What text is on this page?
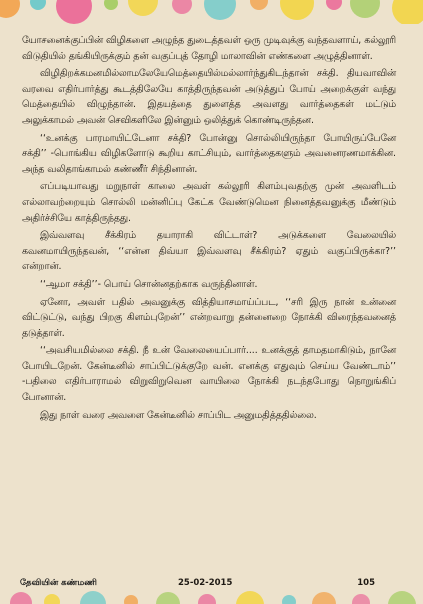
யோசனைக்குப்பின் விழிகளை அழுந்த துடைத்தவள் ஒரு முடிவுக்கு வந்தவளாய், கல்லூரி விடுதியில் தங்கியிருக்கும் தன் வகுப்புத் தோழி மாலாவின் எண்களை அழுத்தினாள்.

விழிதிறக்கமனமில்லாமலேயேமெத்தையில்மல்லார்ந்துகிடந்தான் சக்தி. தியவாவின் வரவை எதிர்பார்த்து கூடத்திலேயே காத்திருந்தவன் அடுத்துப் போய் அறைக்குள் வந்து மெத்தையில் விழுந்தான். இதயத்தை துளைத்த அவளது வார்த்தைகள் மட்டும் அலுக்காமல் அவன் செவிகளிலே இன்னும் ஒலித்துக் கொண்டிருந்தன.

‘‘உனக்கு பாரமாயிட்டேனா சக்தி? போன்னு சொல்லியிருந்தா போயிருப்பேனே சக்தி’’ -பொங்கிய விழிகளோடு கூறிய காட்சியும், வார்த்தைகளும் அவனைரணமாக்கின. அந்த வலிதாங்காமல் கண்ணீர் சிந்தினான்.

எப்படியாவது மறுநாள் காலை அவள் கல்லூரி கிளம்புவதற்கு முன் அவளிடம் எல்லாவற்றையும் சொல்லி மன்னிப்பு கேட்க வேண்டுமென நினைத்தவனுக்கு மீண்டும் அதிர்ச்சியே காத்திருந்தது.

இவ்வளவு சீக்கிரம் தயாராகி விட்டாள்? அடுக்களை வேலையில் கவனமாயிருந்தவன், ‘‘என்ன திவ்யா இவ்வளவு சீக்கிரம்? ஏதும் வகுப்பிருக்கா?’’ என்றான்.

‘‘ஆமா சக்தி’’- பொய் சொன்னதற்காக வருந்தினாள்.

ஏனோ, அவள் பதில் அவனுக்கு வித்தியாசமாய்ப்பட, ‘‘சரி இரு நான் உன்னை விட்டுட்டு, வந்து பிறகு கிளம்புறேன்’’ என்றவாறு தன்னைறை நோக்கி விரைந்தவனைத் தடுத்தாள்.

‘‘அவசியமில்லை சக்தி. நீ உன் வேலையைப்பார்.... உனக்குத் தாமதமாகிடும், நானே போயிடறேன். கேன்டீனில் சாப்பிட்டுக்குறே வன். எனக்கு எதுவும் செய்ய வேண்டாம்’’ -பதிலை எதிர்பாராமல் விறுவிறுவென வாயிலை நோக்கி நடந்தபோது நொறுங்கிப் போனான்.

இது நாள் வரை அவளை கேன்டீனில் சாப்பிட அனுமதித்ததில்லை.

தேவியின் கண்மணி	25-02-2015	105
